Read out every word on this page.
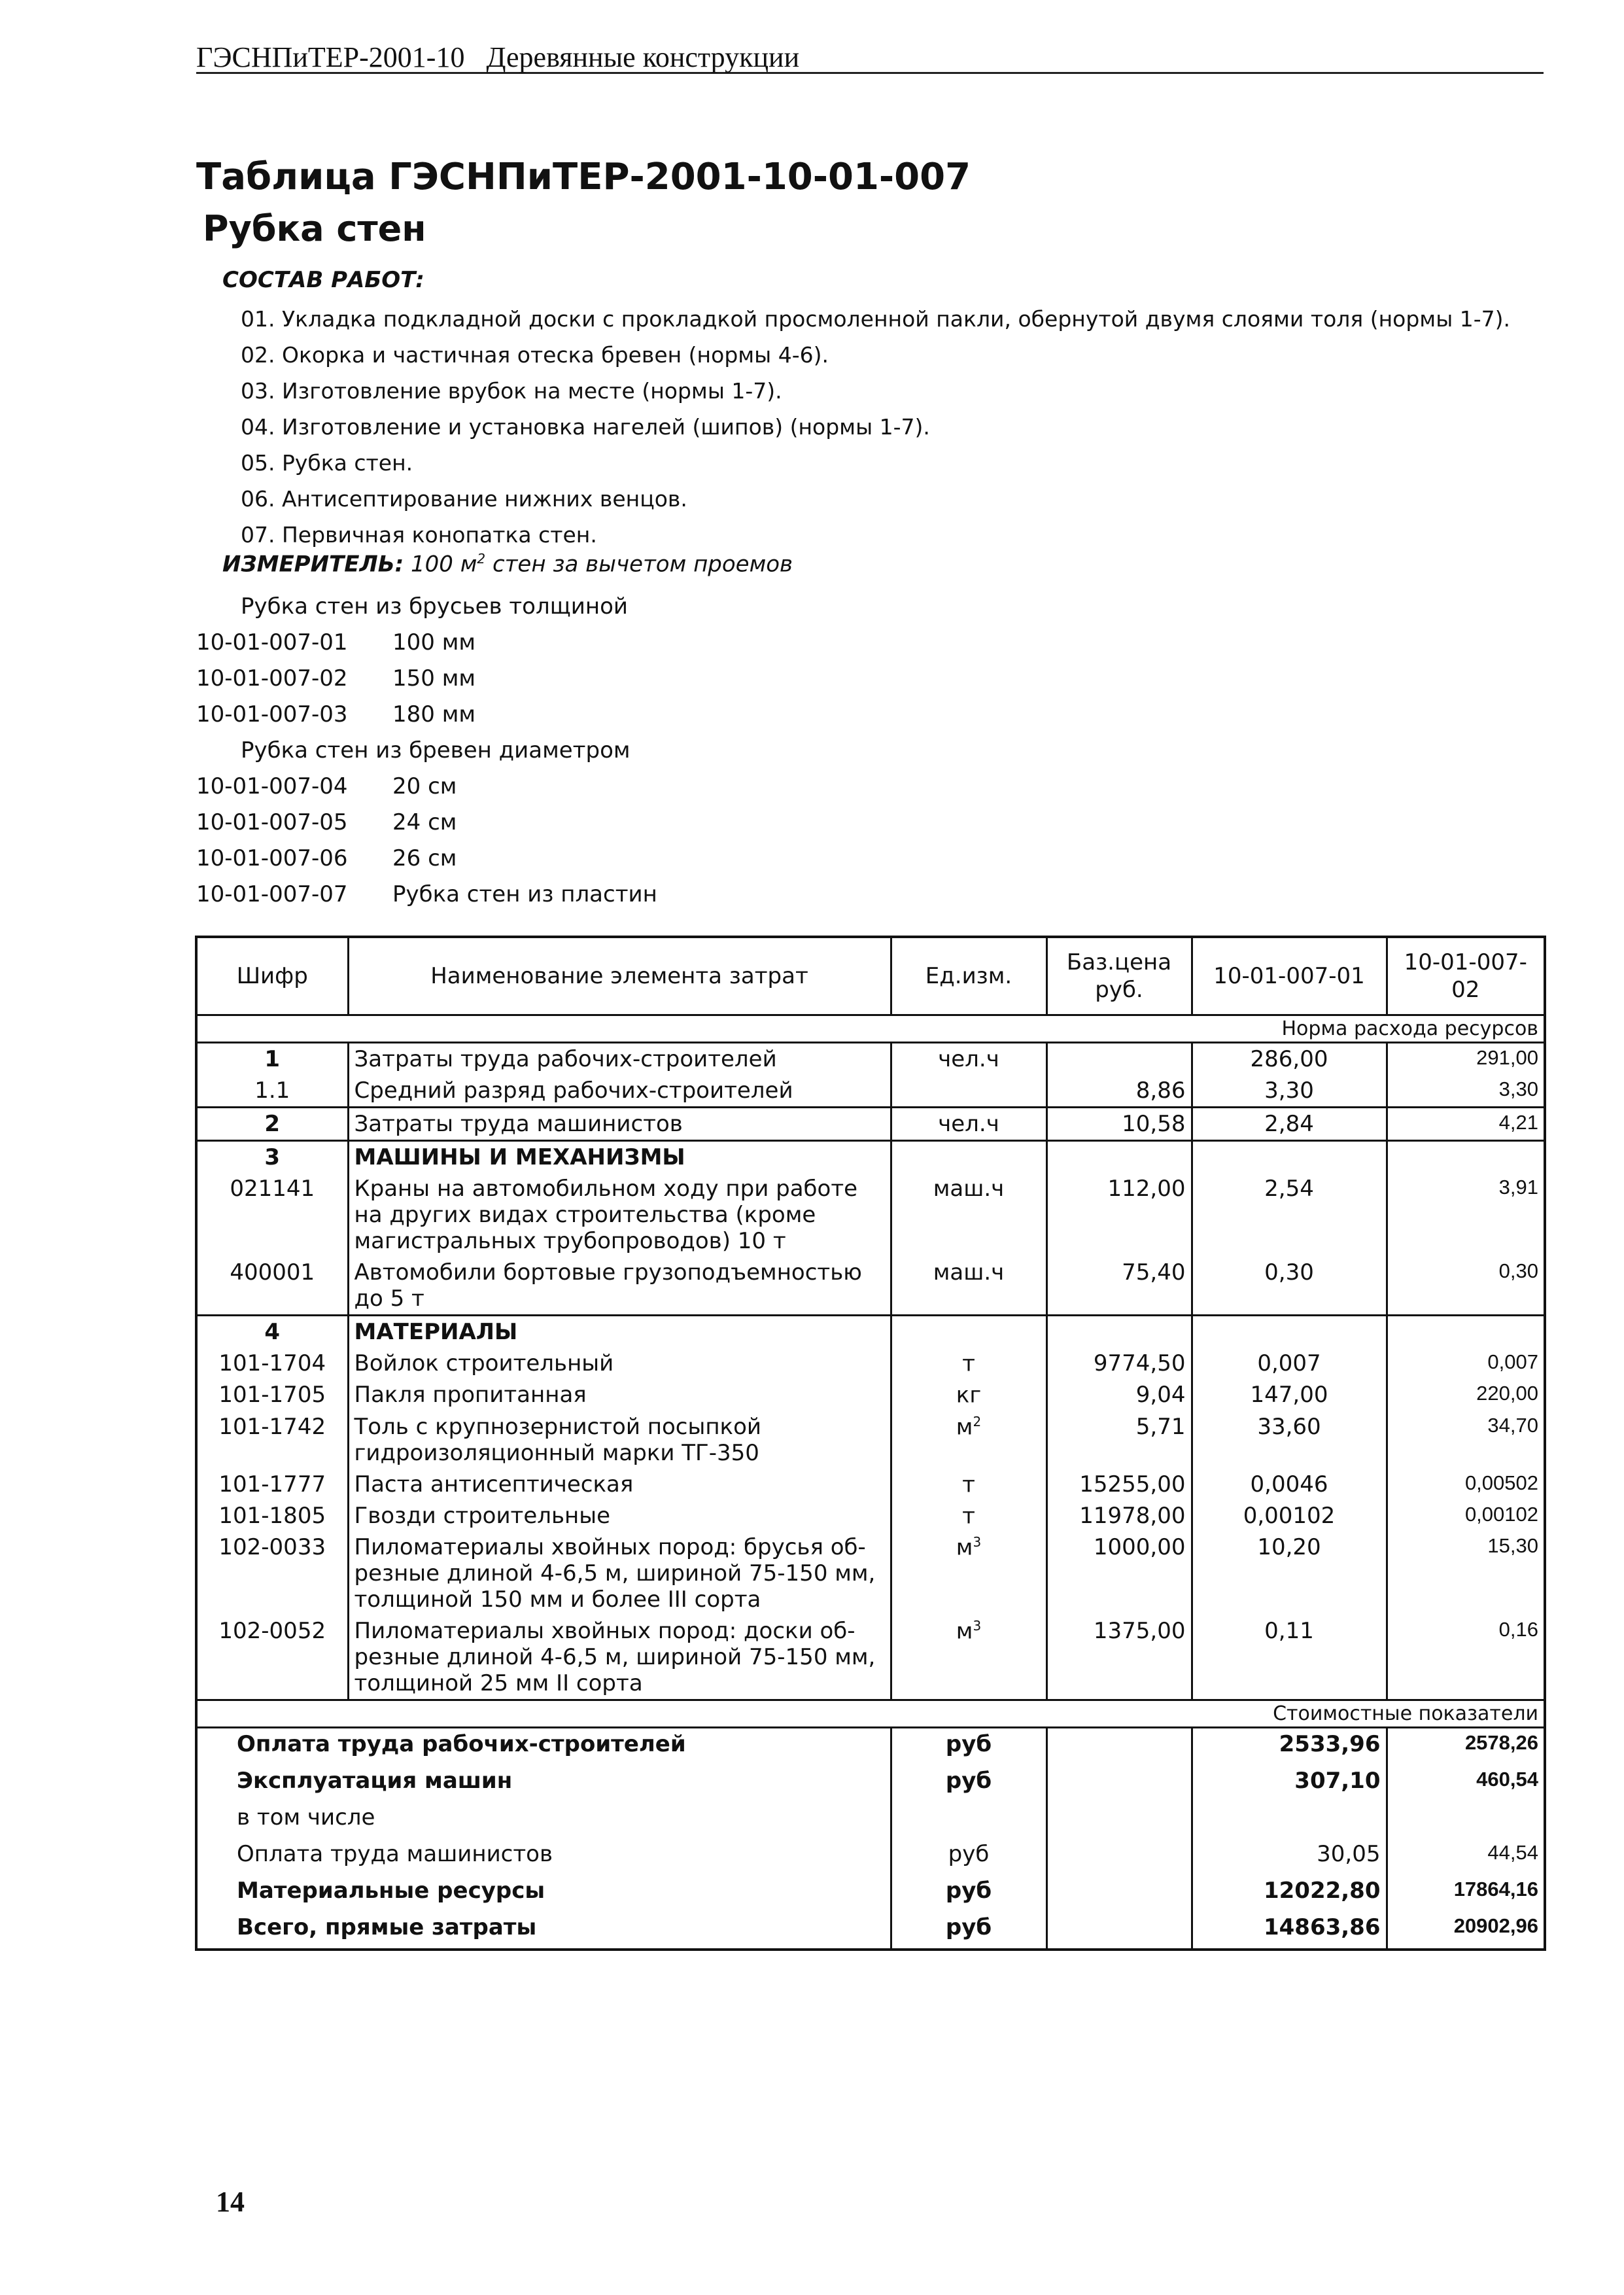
ГЭСНПиТЕР-2001-10 Деревянные конструкции
Таблица ГЭСНПиТЕР-2001-10-01-007
Рубка стен
СОСТАВ РАБОТ:
01. Укладка подкладной доски с прокладкой просмоленной пакли, обернутой двумя слоями толя (нормы 1-7).
02. Окорка и частичная отеска бревен (нормы 4-6).
03. Изготовление врубок на месте (нормы 1-7).
04. Изготовление и установка нагелей (шипов) (нормы 1-7).
05. Рубка стен.
06. Антисептирование нижних венцов.
07. Первичная конопатка стен.
ИЗМЕРИТЕЛЬ: 100 $м^2$ стен за вычетом проемов
Рубка стен из брусьев толщиной
10-01-007-01 100 мм
10-01-007-02 150 мм
10-01-007-03 180 мм
Рубка стен из бревен диаметром
10-01-007-04 20 см
10-01-007-05 24 см
10-01-007-06 26 см
10-01-007-07 Рубка стен из пластин
Шифр	Наименование элемента затрат	Ед.изм.	Баз.цена руб.	10-01-007-01	10-01-007-02
Норма расхода ресурсов					
1	Затраты труда рабочих-строителей	чел.ч		286,00	291,00
1.1	Средний разряд рабочих-строителей		8,86	3,30	3,30
2	Затраты труда машинистов	чел.ч	10,58	2,84	4,21
3	МАШИНЫ И МЕХАНИЗМЫ				
021141	Краны на автомобильном ходу при работе на других видах строительства (кроме магистральных трубопроводов) 10 т	маш.ч	112,00	2,54	3,91
400001	Автомобили бортовые грузоподъемностью до 5 т	маш.ч	75,40	0,30	0,30
4	МАТЕРИАЛЫ				
101-1704	Войлок строительный	т	9774,50	0,007	0,007
101-1705	Пакля пропитанная	кг	9,04	147,00	220,00
101-1742	Толь с крупнозернистой посыпкой гидроизоляционный марки ТГ-350	$м^2$	5,71	33,60	34,70
101-1777	Паста антисептическая	т	15255,00	0,0046	0,00502
101-1805	Гвозди строительные	т	11978,00	0,00102	0,00102
102-0033	Пиломатериалы хвойных пород: брусья об-резные длиной 4-6,5 м, шириной 75-150 мм, толщиной 150 мм и более III сорта	$м^3$	1000,00	10,20	15,30
102-0052	Пиломатериалы хвойных пород: доски об-резные длиной 4-6,5 м, шириной 75-150 мм, толщиной 25 мм II сорта	$м^3$	1375,00	0,11	0,16
Стоимостные показатели					
Оплата труда рабочих-строителей		руб		2533,96	2578,26
Эксплуатация машин		руб		307,10	460,54
в том числе					
Оплата труда машинистов		руб		30,05	44,54
Материальные ресурсы		руб		12022,80	17864,16
Всего, прямые затраты		руб		14863,86	20902,96
14
